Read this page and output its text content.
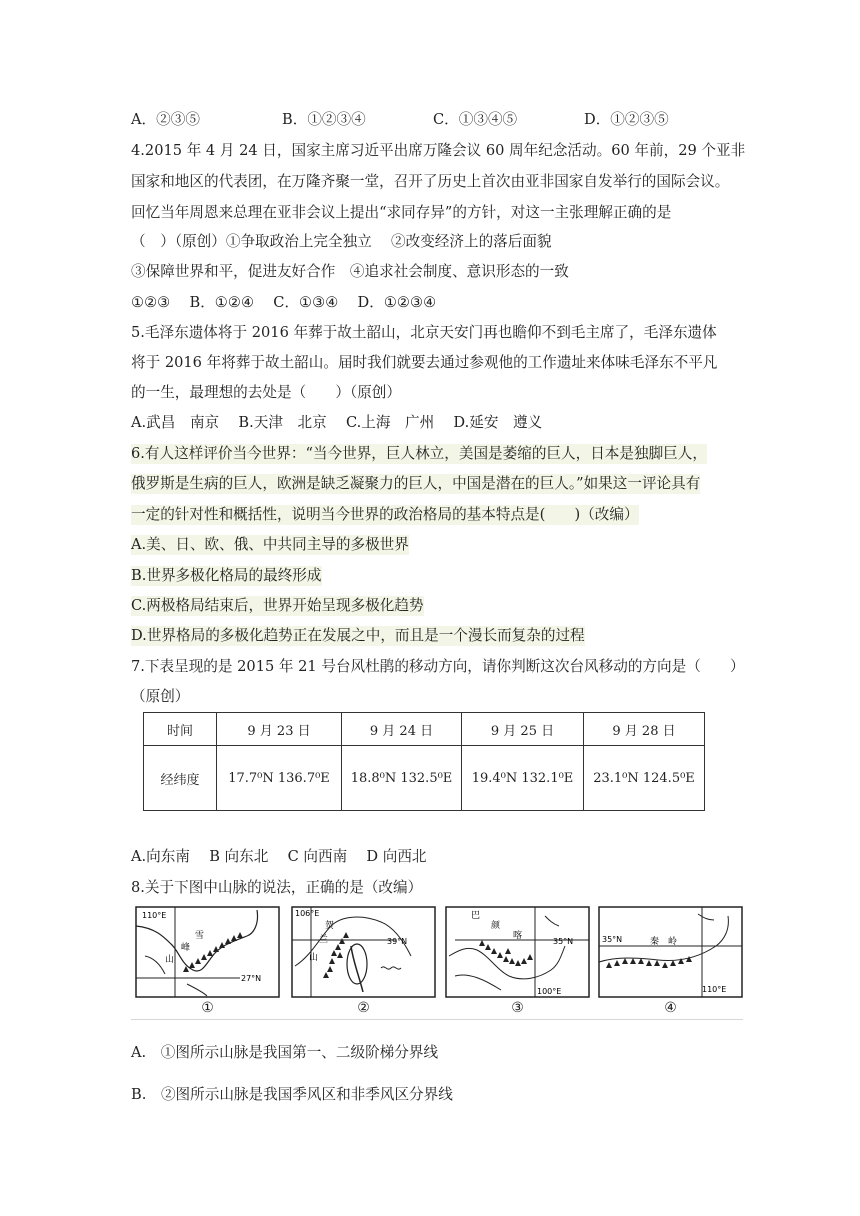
A．②③⑤	B．①②③④	C．①③④⑤	D．①②③⑤
4.2015 年 4 月 24 日，国家主席习近平出席万隆会议 60 周年纪念活动。60 年前，29 个亚非
国家和地区的代表团，在万隆齐聚一堂，召开了历史上首次由亚非国家自发举行的国际会议。
回忆当年周恩来总理在亚非会议上提出“求同存异”的方针，对这一主张理解正确的是
（　）（原创）①争取政治上完全独立　 ②改变经济上的落后面貌
③保障世界和平，促进友好合作　④追求社会制度、意识形态的一致
①②③　 B．①②④　 C．①③④　 D．①②③④
5.毛泽东遗体将于 2016 年葬于故土韶山，北京天安门再也瞻仰不到毛主席了，毛泽东遗体
将于 2016 年将葬于故土韶山。届时我们就要去通过参观他的工作遗址来体味毛泽东不平凡
的一生，最理想的去处是（　　）（原创）
A.武昌　南京　 B.天津　北京　 C.上海　广州　 D.延安　遵义
6.有人这样评价当今世界：“当今世界，巨人林立，美国是萎缩的巨人，日本是独脚巨人，
俄罗斯是生病的巨人，欧洲是缺乏凝聚力的巨人，中国是潜在的巨人。”如果这一评论具有
一定的针对性和概括性，说明当今世界的政治格局的基本特点是(　　)（改编）
A.美、日、欧、俄、中共同主导的多极世界
B.世界多极化格局的最终形成
C.两极格局结束后，世界开始呈现多极化趋势
D.世界格局的多极化趋势正在发展之中，而且是一个漫长而复杂的过程
7.下表呈现的是 2015 年 21 号台风杜鹃的移动方向，请你判断这次台风移动的方向是（　　）
（原创）
时间	9 月 23 日	9 月 24 日	9 月 25 日	9 月 28 日
经纬度	17.7⁰N 136.7⁰E	18.8⁰N 132.5⁰E	19.4⁰N 132.1⁰E	23.1⁰N 124.5⁰E
A.向东南　 B 向东北　 C 向西南　 D 向西北
8.关于下图中山脉的说法，正确的是（改编）
110°E
27°N
雪
峰
山
①
106°E
39°N
贺
兰
山
②
100°E
35°N
巴
颜
喀
③
35°N
110°E
秦 岭
④
A.　①图所示山脉是我国第一、二级阶梯分界线
B.　②图所示山脉是我国季风区和非季风区分界线
